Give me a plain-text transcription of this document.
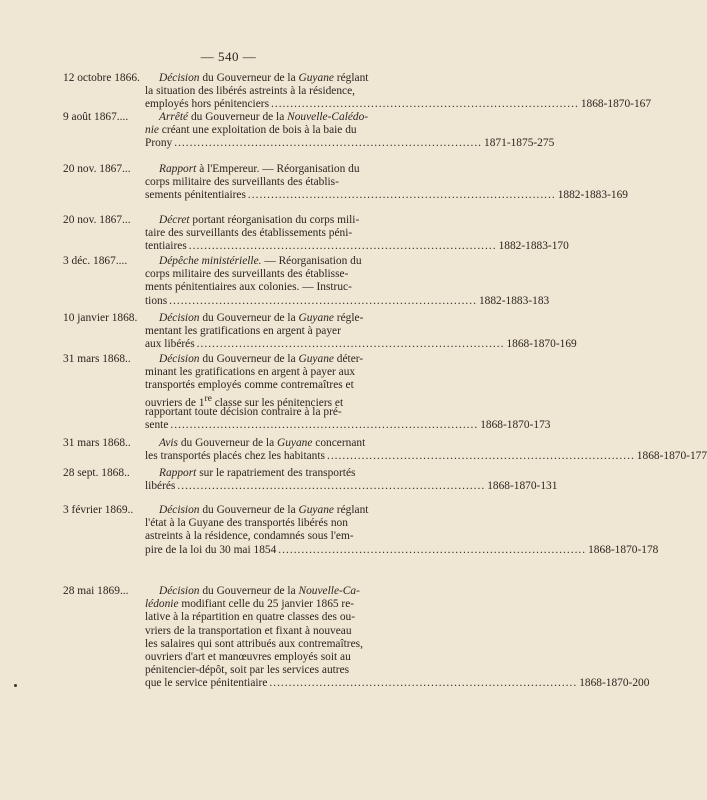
— 540 —
12 octobre 1866.	Décision du Gouverneur de la Guyane réglant
la situation des libérés astreints à la résidence,
employés hors pénitenciers ................................................................................ 1868-1870-167
9 août 1867....	Arrêté du Gouverneur de la Nouvelle-Calédo-
nie créant une exploitation de bois à la baie du
Prony ................................................................................ 1871-1875-275
20 nov. 1867...	Rapport à l'Empereur. — Réorganisation du
corps militaire des surveillants des établis-
sements pénitentiaires ................................................................................ 1882-1883-169
20 nov. 1867...	Décret portant réorganisation du corps mili-
taire des surveillants des établissements péni-
tentiaires ................................................................................ 1882-1883-170
3 déc. 1867....	Dépêche ministérielle. — Réorganisation du
corps militaire des surveillants des établisse-
ments pénitentiaires aux colonies. — Instruc-
tions ................................................................................ 1882-1883-183
10 janvier 1868.	Décision du Gouverneur de la Guyane régle-
mentant les gratifications en argent à payer
aux libérés ................................................................................ 1868-1870-169
31 mars 1868..	Décision du Gouverneur de la Guyane déter-
minant les gratifications en argent à payer aux
transportés employés comme contremaîtres et
ouvriers de 1re classe sur les pénitenciers et
rapportant toute décision contraire à la pré-
sente ................................................................................ 1868-1870-173
31 mars 1868..	Avis du Gouverneur de la Guyane concernant
les transportés placés chez les habitants ................................................................................ 1868-1870-177
28 sept. 1868..	Rapport sur le rapatriement des transportés
libérés ................................................................................ 1868-1870-131
3 février 1869..	Décision du Gouverneur de la Guyane réglant
l'état à la Guyane des transportés libérés non
astreints à la résidence, condamnés sous l'em-
pire de la loi du 30 mai 1854 ................................................................................ 1868-1870-178
28 mai 1869...	Décision du Gouverneur de la Nouvelle-Ca-
lédonie modifiant celle du 25 janvier 1865 re-
lative à la répartition en quatre classes des ou-
vriers de la transportation et fixant à nouveau
les salaires qui sont attribués aux contremaîtres,
ouvriers d'art et manœuvres employés soit au
pénitencier-dépôt, soit par les services autres
que le service pénitentiaire ................................................................................ 1868-1870-200
